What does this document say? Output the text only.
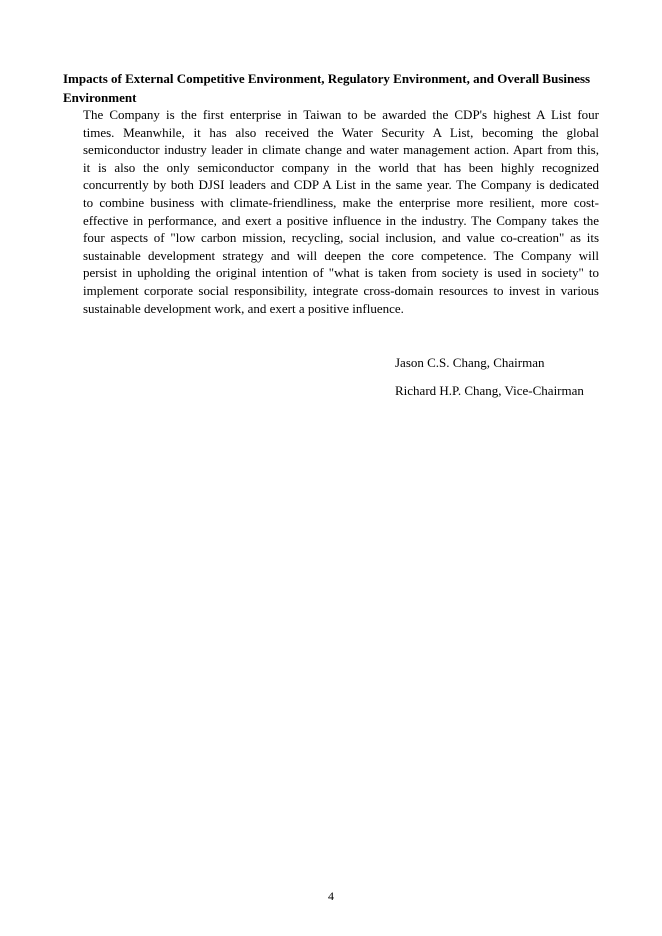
Impacts of External Competitive Environment, Regulatory Environment, and Overall Business Environment
The Company is the first enterprise in Taiwan to be awarded the CDP's highest A List four
times. Meanwhile, it has also received the Water Security A List, becoming the global
semiconductor industry leader in climate change and water management action. Apart from this,
it is also the only semiconductor company in the world that has been highly recognized
concurrently by both DJSI leaders and CDP A List in the same year. The Company is dedicated
to combine business with climate-friendliness, make the enterprise more resilient, more cost-
effective in performance, and exert a positive influence in the industry. The Company takes the
four aspects of "low carbon mission, recycling, social inclusion, and value co-creation" as its
sustainable development strategy and will deepen the core competence. The Company will
persist in upholding the original intention of "what is taken from society is used in society" to
implement corporate social responsibility, integrate cross-domain resources to invest in various
sustainable development work, and exert a positive influence.
Jason C.S. Chang, Chairman
Richard H.P. Chang, Vice-Chairman
4
